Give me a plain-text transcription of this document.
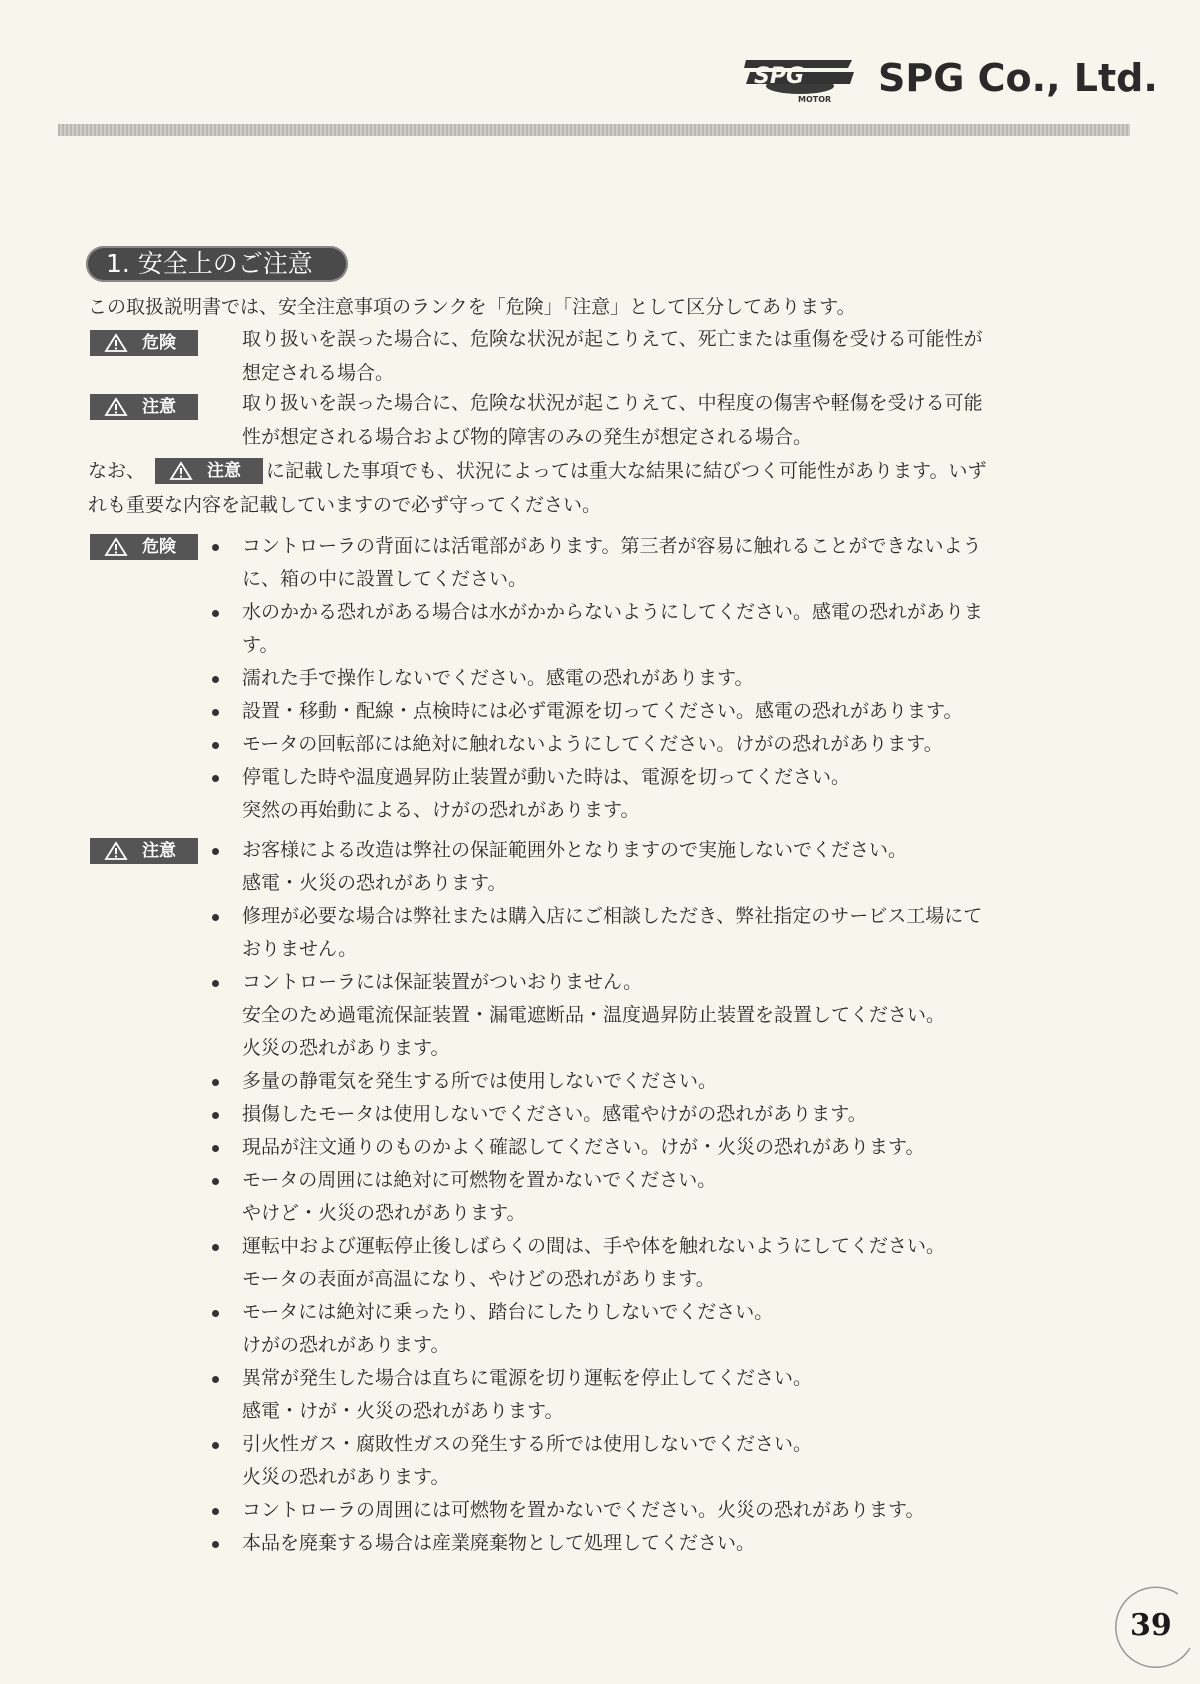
SPG
MOTOR SPG Co., Ltd.
1. 安全上のご注意
この取扱説明書では、安全注意事項のランクを「危険」「注意」として区分してあります。
危険	取り扱いを誤った場合に、危険な状況が起こりえて、死亡または重傷を受ける可能性が
想定される場合。
注意	取り扱いを誤った場合に、危険な状況が起こりえて、中程度の傷害や軽傷を受ける可能
性が想定される場合および物的障害のみの発生が想定される場合。
なお、	注意 に記載した事項でも、状況によっては重大な結果に結びつく可能性があります。いず
れも重要な内容を記載していますので必ず守ってください。
危険	コントローラの背面には活電部があります。第三者が容易に触れることができないよう
に、箱の中に設置してください。
水のかかる恐れがある場合は水がかからないようにしてください。感電の恐れがありま
す。
濡れた手で操作しないでください。感電の恐れがあります。
設置・移動・配線・点検時には必ず電源を切ってください。感電の恐れがあります。
モータの回転部には絶対に触れないようにしてください。けがの恐れがあります。
停電した時や温度過昇防止装置が動いた時は、電源を切ってください。
突然の再始動による、けがの恐れがあります。
注意	お客様による改造は弊社の保証範囲外となりますので実施しないでください。
感電・火災の恐れがあります。
修理が必要な場合は弊社または購入店にご相談しただき、弊社指定のサービス工場にて
おりません。
コントローラには保証装置がついおりません。
安全のため過電流保証装置・漏電遮断品・温度過昇防止装置を設置してください。
火災の恐れがあります。
多量の静電気を発生する所では使用しないでください。
損傷したモータは使用しないでください。感電やけがの恐れがあります。
現品が注文通りのものかよく確認してください。けが・火災の恐れがあります。
モータの周囲には絶対に可燃物を置かないでください。
やけど・火災の恐れがあります。
運転中および運転停止後しばらくの間は、手や体を触れないようにしてください。
モータの表面が高温になり、やけどの恐れがあります。
モータには絶対に乗ったり、踏台にしたりしないでください。
けがの恐れがあります。
異常が発生した場合は直ちに電源を切り運転を停止してください。
感電・けが・火災の恐れがあります。
引火性ガス・腐敗性ガスの発生する所では使用しないでください。
火災の恐れがあります。
コントローラの周囲には可燃物を置かないでください。火災の恐れがあります。
本品を廃棄する場合は産業廃棄物として処理してください。
39
